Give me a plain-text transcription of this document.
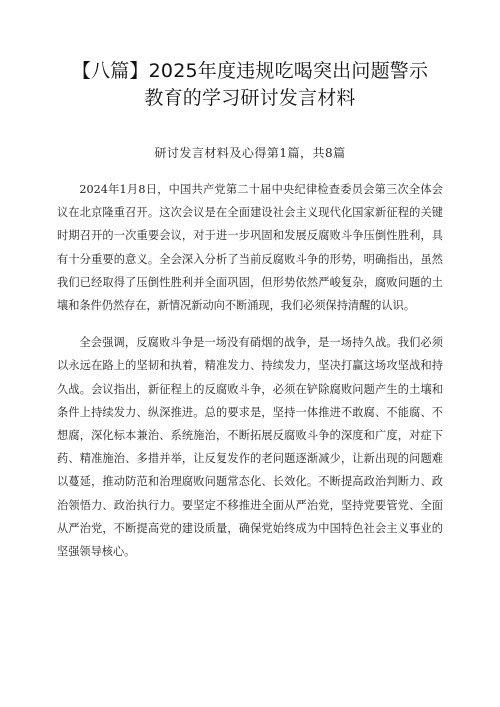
【八篇】2025年度违规吃喝突出问题警示
教育的学习研讨发言材料
研讨发言材料及心得第1篇，共8篇

2024年1月8日，中国共产党第二十届中央纪律检查委员会第三次全体会议在北京隆重召开。这次会议是在全面建设社会主义现代化国家新征程的关键时期召开的一次重要会议，对于进一步巩固和发展反腐败斗争压倒性胜利，具有十分重要的意义。全会深入分析了当前反腐败斗争的形势，明确指出，虽然我们已经取得了压倒性胜利并全面巩固，但形势依然严峻复杂，腐败问题的土壤和条件仍然存在，新情况新动向不断涌现，我们必须保持清醒的认识。

全会强调，反腐败斗争是一场没有硝烟的战争，是一场持久战。我们必须以永远在路上的坚韧和执着，精准发力、持续发力，坚决打赢这场攻坚战和持久战。会议指出，新征程上的反腐败斗争，必须在铲除腐败问题产生的土壤和条件上持续发力、纵深推进。总的要求是，坚持一体推进不敢腐、不能腐、不想腐，深化标本兼治、系统施治，不断拓展反腐败斗争的深度和广度，对症下药、精准施治、多措并举，让反复发作的老问题逐渐减少，让新出现的问题难以蔓延，推动防范和治理腐败问题常态化、长效化。不断提高政治判断力、政治领悟力、政治执行力。要坚定不移推进全面从严治党，坚持党要管党、全面从严治党，不断提高党的建设质量，确保党始终成为中国特色社会主义事业的坚强领导核心。
